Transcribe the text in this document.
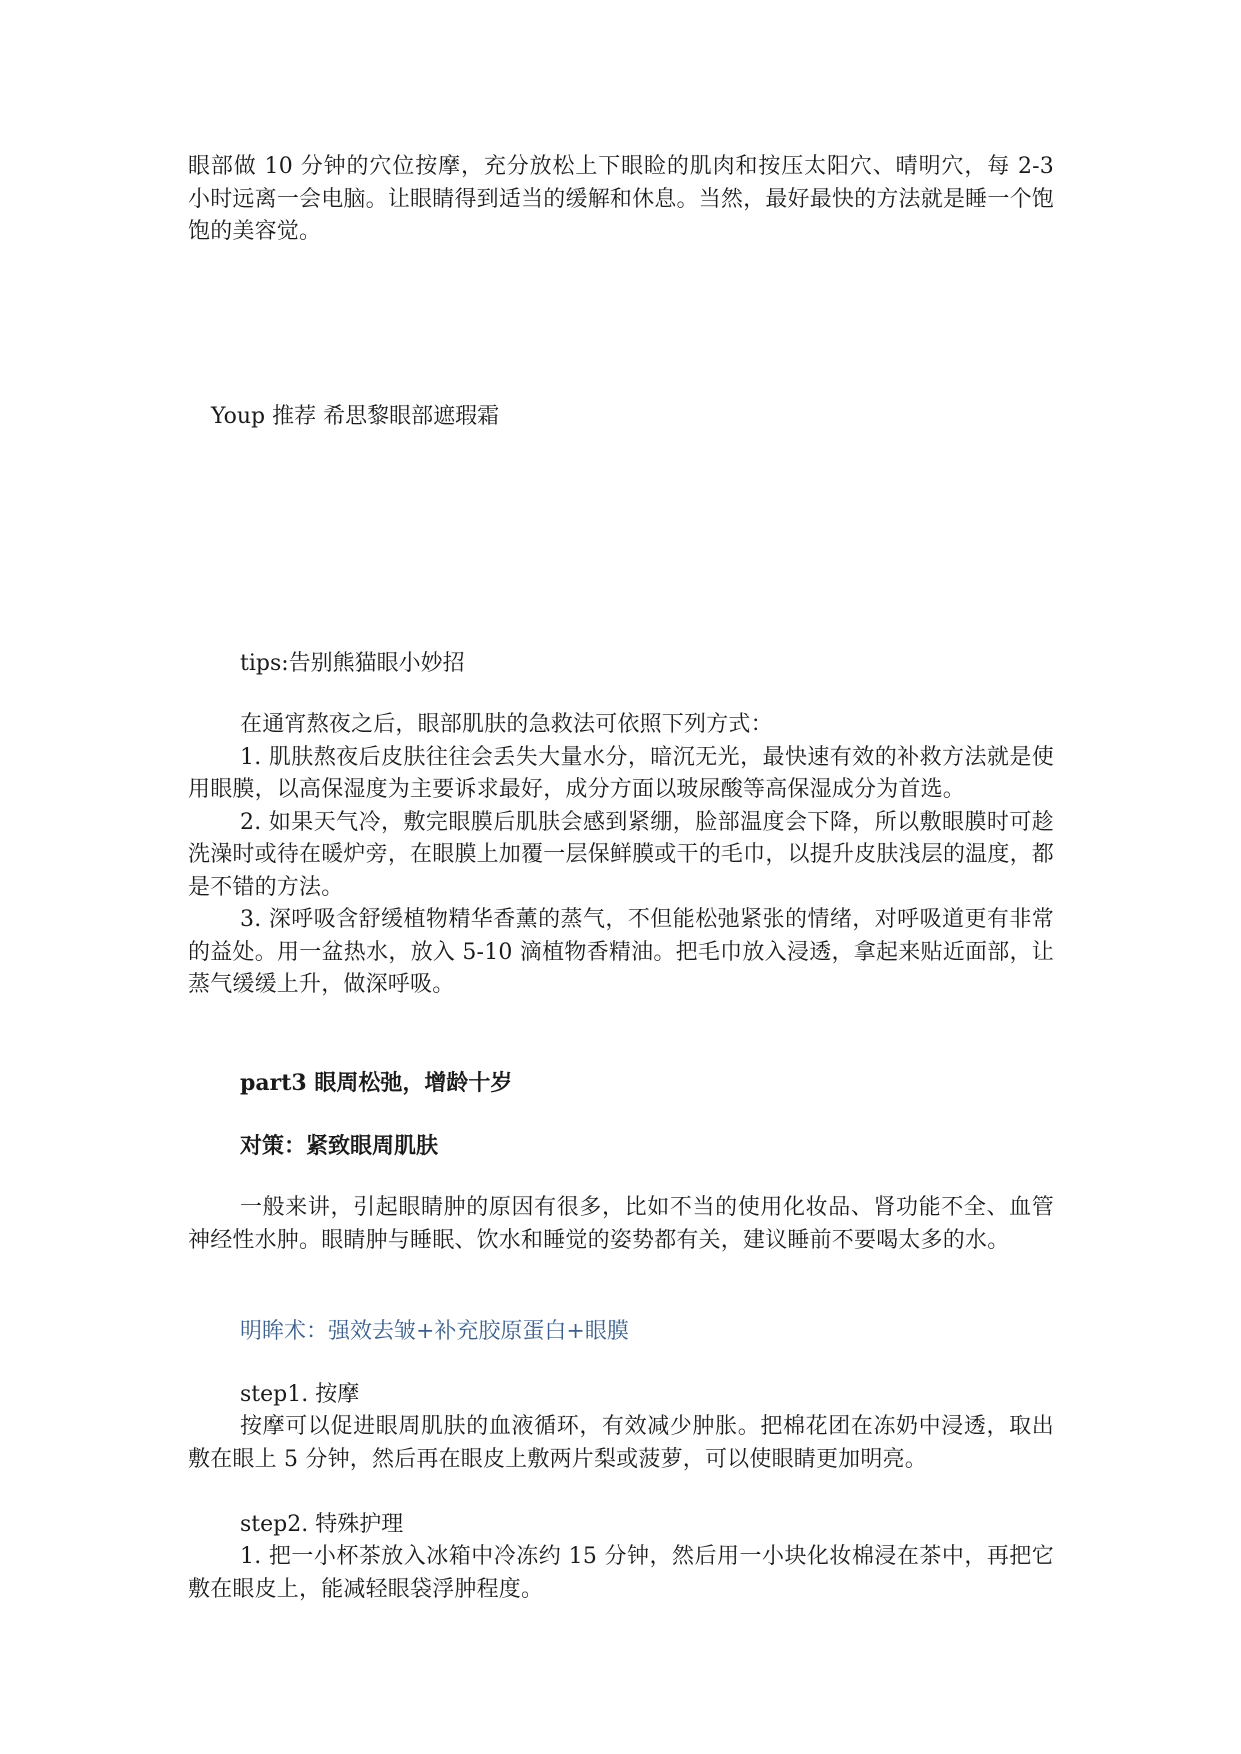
眼部做 10 分钟的穴位按摩，充分放松上下眼睑的肌肉和按压太阳穴、晴明穴，每 2-3 小时远离一会电脑。让眼睛得到适当的缓解和休息。当然，最好最快的方法就是睡一个饱饱的美容觉。

Youp 推荐 希思黎眼部遮瑕霜
tips:告别熊猫眼小妙招

在通宵熬夜之后，眼部肌肤的急救法可依照下列方式：

1. 肌肤熬夜后皮肤往往会丢失大量水分，暗沉无光，最快速有效的补救方法就是使用眼膜，以高保湿度为主要诉求最好，成分方面以玻尿酸等高保湿成分为首选。

2. 如果天气冷，敷完眼膜后肌肤会感到紧绷，脸部温度会下降，所以敷眼膜时可趁洗澡时或待在暖炉旁，在眼膜上加覆一层保鲜膜或干的毛巾，以提升皮肤浅层的温度，都是不错的方法。

3. 深呼吸含舒缓植物精华香薰的蒸气，不但能松弛紧张的情绪，对呼吸道更有非常的益处。用一盆热水，放入 5-10 滴植物香精油。把毛巾放入浸透，拿起来贴近面部，让蒸气缓缓上升，做深呼吸。

part3 眼周松弛，增龄十岁
对策：紧致眼周肌肤

一般来讲，引起眼睛肿的原因有很多，比如不当的使用化妆品、肾功能不全、血管神经性水肿。眼睛肿与睡眠、饮水和睡觉的姿势都有关，建议睡前不要喝太多的水。

明眸术：强效去皱+补充胶原蛋白+眼膜
step1. 按摩

按摩可以促进眼周肌肤的血液循环，有效减少肿胀。把棉花团在冻奶中浸透，取出敷在眼上 5 分钟，然后再在眼皮上敷两片梨或菠萝，可以使眼睛更加明亮。

step2. 特殊护理

1. 把一小杯茶放入冰箱中冷冻约 15 分钟，然后用一小块化妆棉浸在茶中，再把它敷在眼皮上，能减轻眼袋浮肿程度。
